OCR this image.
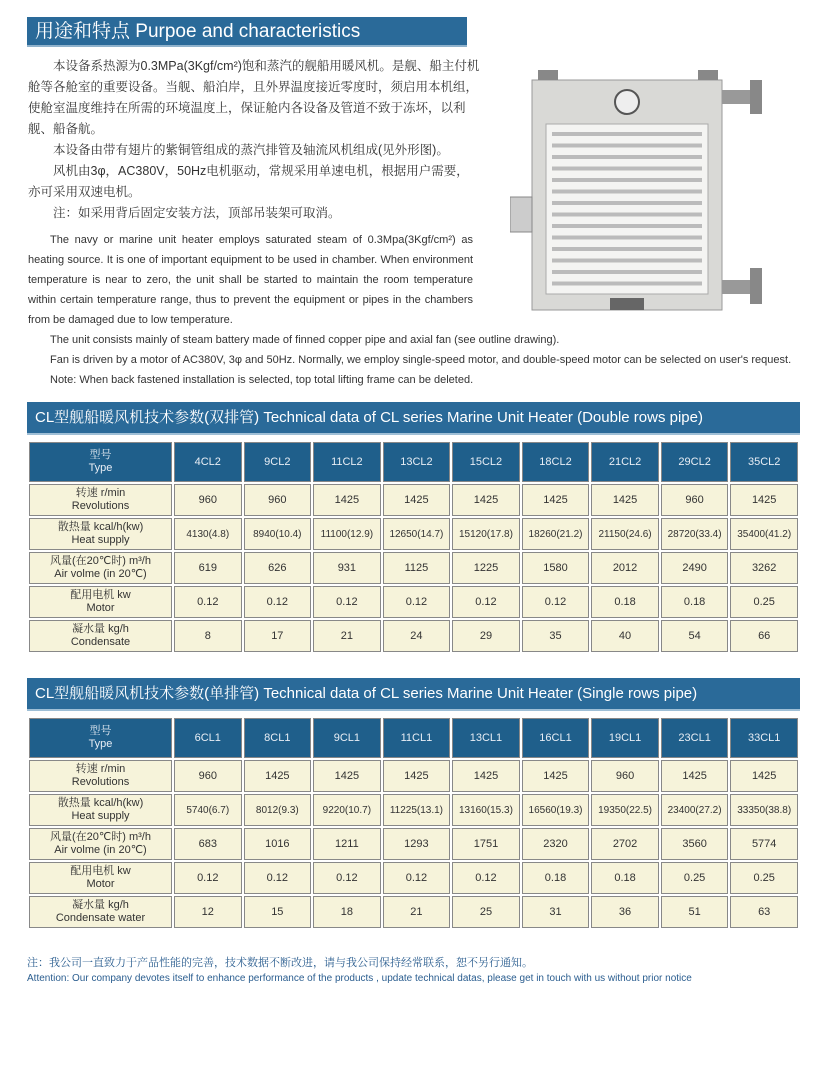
用途和特点 Purpoe and characteristics

本设备系热源为0.3MPa(3Kgf/cm²)饱和蒸汽的舰船用暖风机。是舰、船主付机舱等各舱室的重要设备。当舰、船泊岸，且外界温度接近零度时，须启用本机组，使舱室温度维持在所需的环境温度上，保证舱内各设备及管道不致于冻坏，以利舰、船备航。

本设备由带有翅片的紫铜管组成的蒸汽排管及轴流风机组成(见外形图)。

风机由3φ，AC380V，50Hz电机驱动，常规采用单速电机，根据用户需要，亦可采用双速电机。

注：如采用背后固定安装方法，顶部吊装架可取消。

The navy or marine unit heater employs saturated steam of 0.3Mpa(3Kgf/cm²) as heating source. It is one of important equipment to be used in chamber. When environment temperature is near to zero, the unit shall be started to maintain the room temperature within certain temperature range, thus to prevent the equipment or pipes in the chambers from be damaged due to low temperature.

The unit consists mainly of steam battery made of finned copper pipe and axial fan (see outline drawing).

Fan is driven by a motor of AC380V, 3φ and 50Hz. Normally, we employ single-speed motor, and double-speed motor can be selected on user's request.

Note: When back fastened installation is selected, top total lifting frame can be deleted.

CL型舰船暖风机技术参数(双排管) Technical data of CL series Marine Unit Heater (Double rows pipe)
型号
Type	4CL2	9CL2	11CL2	13CL2	15CL2	18CL2	21CL2	29CL2	35CL2

转速 r/min
Revolutions	960	960	1425	1425	1425	1425	1425	960	1425

散热量 kcal/h(kw)
Heat supply	4130(4.8)	8940(10.4)	11100(12.9)	12650(14.7)	15120(17.8)	18260(21.2)	21150(24.6)	28720(33.4)	35400(41.2)

风量(在20℃时) m³/h
Air volme (in 20℃)	619	626	931	1125	1225	1580	2012	2490	3262

配用电机 kw
Motor	0.12	0.12	0.12	0.12	0.12	0.12	0.18	0.18	0.25

凝水量 kg/h
Condensate	8	17	21	24	29	35	40	54	66
CL型舰船暖风机技术参数(单排管) Technical data of CL series Marine Unit Heater (Single rows pipe)
型号
Type	6CL1	8CL1	9CL1	11CL1	13CL1	16CL1	19CL1	23CL1	33CL1

转速 r/min
Revolutions	960	1425	1425	1425	1425	1425	960	1425	1425

散热量 kcal/h(kw)
Heat supply	5740(6.7)	8012(9.3)	9220(10.7)	11225(13.1)	13160(15.3)	16560(19.3)	19350(22.5)	23400(27.2)	33350(38.8)

风量(在20℃时) m³/h
Air volme (in 20℃)	683	1016	1211	1293	1751	2320	2702	3560	5774

配用电机 kw
Motor	0.12	0.12	0.12	0.12	0.12	0.18	0.18	0.25	0.25

凝水量 kg/h
Condensate water	12	15	18	21	25	31	36	51	63
注：我公司一直致力于产品性能的完善，技术数据不断改进，请与我公司保持经常联系，恕不另行通知。
Attention: Our company devotes itself to enhance performance of the products , update technical datas, please get in touch with us without prior notice
